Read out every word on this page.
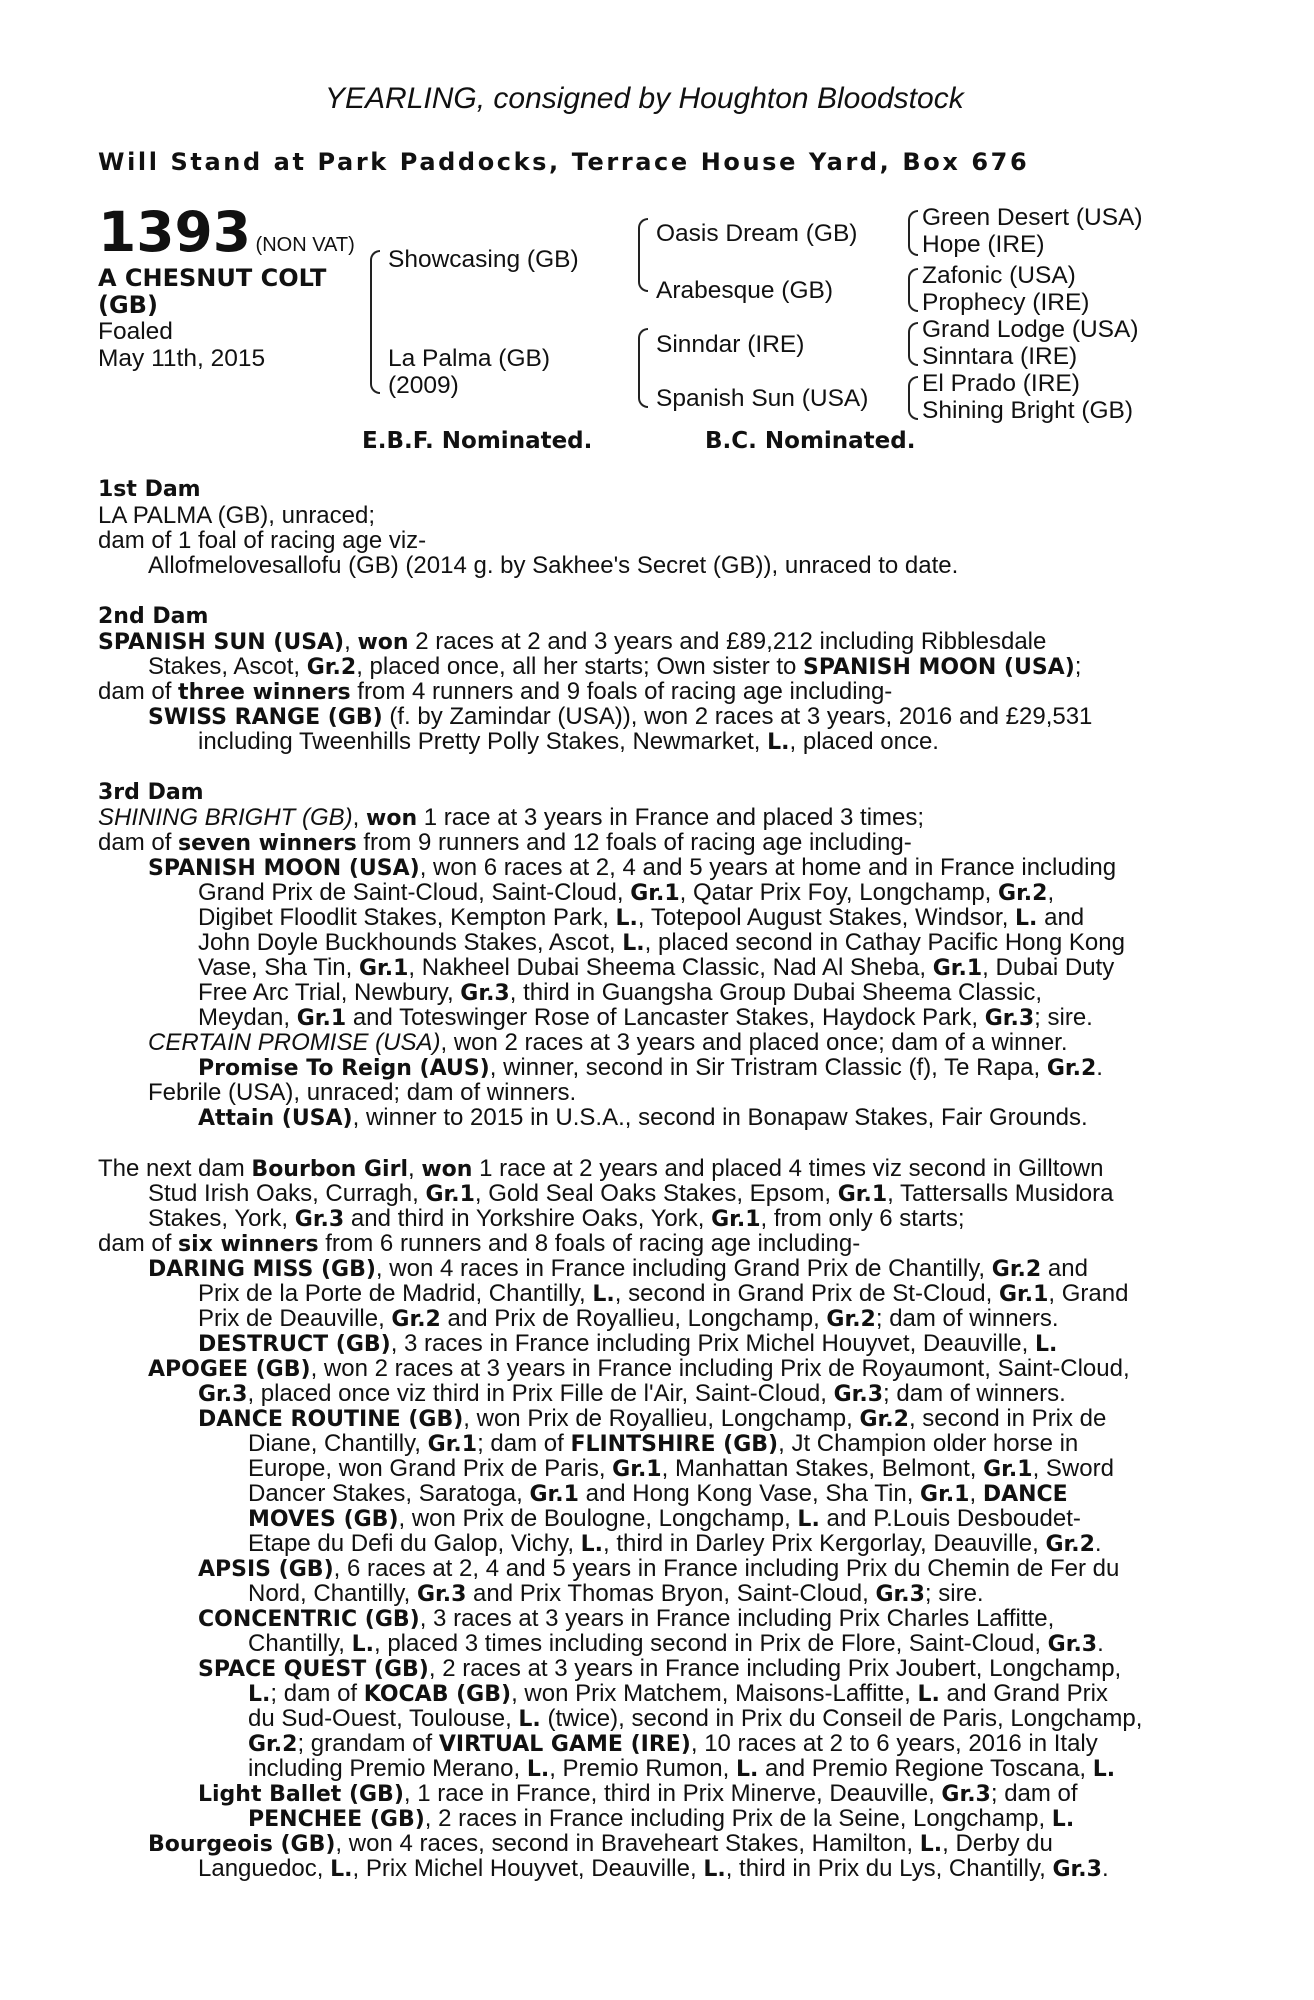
YEARLING, consigned by Houghton Bloodstock
Will Stand at Park Paddocks, Terrace House Yard, Box 676
1393 (NON VAT)
A CHESNUT COLT
(GB)
Foaled
May 11th, 2015
Showcasing (GB)
La Palma (GB)
(2009)
Oasis Dream (GB)
Arabesque (GB)
Sinndar (IRE)
Spanish Sun (USA)
Green Desert (USA)
Hope (IRE)
Zafonic (USA)
Prophecy (IRE)
Grand Lodge (USA)
Sinntara (IRE)
El Prado (IRE)
Shining Bright (GB)
E.B.F. Nominated.	B.C. Nominated.
1st Dam
LA PALMA (GB), unraced;
dam of 1 foal of racing age viz-
Allofmelovesallofu (GB) (2014 g. by Sakhee's Secret (GB)), unraced to date.
2nd Dam
SPANISH SUN (USA), won 2 races at 2 and 3 years and £89,212 including Ribblesdale
Stakes, Ascot, Gr.2, placed once, all her starts; Own sister to SPANISH MOON (USA);
dam of three winners from 4 runners and 9 foals of racing age including-
SWISS RANGE (GB) (f. by Zamindar (USA)), won 2 races at 3 years, 2016 and £29,531
including Tweenhills Pretty Polly Stakes, Newmarket, L., placed once.
3rd Dam
SHINING BRIGHT (GB), won 1 race at 3 years in France and placed 3 times;
dam of seven winners from 9 runners and 12 foals of racing age including-
SPANISH MOON (USA), won 6 races at 2, 4 and 5 years at home and in France including
Grand Prix de Saint-Cloud, Saint-Cloud, Gr.1, Qatar Prix Foy, Longchamp, Gr.2,
Digibet Floodlit Stakes, Kempton Park, L., Totepool August Stakes, Windsor, L. and
John Doyle Buckhounds Stakes, Ascot, L., placed second in Cathay Pacific Hong Kong
Vase, Sha Tin, Gr.1, Nakheel Dubai Sheema Classic, Nad Al Sheba, Gr.1, Dubai Duty
Free Arc Trial, Newbury, Gr.3, third in Guangsha Group Dubai Sheema Classic,
Meydan, Gr.1 and Toteswinger Rose of Lancaster Stakes, Haydock Park, Gr.3; sire.
CERTAIN PROMISE (USA), won 2 races at 3 years and placed once; dam of a winner.
Promise To Reign (AUS), winner, second in Sir Tristram Classic (f), Te Rapa, Gr.2.
Febrile (USA), unraced; dam of winners.
Attain (USA), winner to 2015 in U.S.A., second in Bonapaw Stakes, Fair Grounds.
The next dam Bourbon Girl, won 1 race at 2 years and placed 4 times viz second in Gilltown
Stud Irish Oaks, Curragh, Gr.1, Gold Seal Oaks Stakes, Epsom, Gr.1, Tattersalls Musidora
Stakes, York, Gr.3 and third in Yorkshire Oaks, York, Gr.1, from only 6 starts;
dam of six winners from 6 runners and 8 foals of racing age including-
DARING MISS (GB), won 4 races in France including Grand Prix de Chantilly, Gr.2 and
Prix de la Porte de Madrid, Chantilly, L., second in Grand Prix de St-Cloud, Gr.1, Grand
Prix de Deauville, Gr.2 and Prix de Royallieu, Longchamp, Gr.2; dam of winners.
DESTRUCT (GB), 3 races in France including Prix Michel Houyvet, Deauville, L.
APOGEE (GB), won 2 races at 3 years in France including Prix de Royaumont, Saint-Cloud,
Gr.3, placed once viz third in Prix Fille de l'Air, Saint-Cloud, Gr.3; dam of winners.
DANCE ROUTINE (GB), won Prix de Royallieu, Longchamp, Gr.2, second in Prix de
Diane, Chantilly, Gr.1; dam of FLINTSHIRE (GB), Jt Champion older horse in
Europe, won Grand Prix de Paris, Gr.1, Manhattan Stakes, Belmont, Gr.1, Sword
Dancer Stakes, Saratoga, Gr.1 and Hong Kong Vase, Sha Tin, Gr.1, DANCE
MOVES (GB), won Prix de Boulogne, Longchamp, L. and P.Louis Desboudet-
Etape du Defi du Galop, Vichy, L., third in Darley Prix Kergorlay, Deauville, Gr.2.
APSIS (GB), 6 races at 2, 4 and 5 years in France including Prix du Chemin de Fer du
Nord, Chantilly, Gr.3 and Prix Thomas Bryon, Saint-Cloud, Gr.3; sire.
CONCENTRIC (GB), 3 races at 3 years in France including Prix Charles Laffitte,
Chantilly, L., placed 3 times including second in Prix de Flore, Saint-Cloud, Gr.3.
SPACE QUEST (GB), 2 races at 3 years in France including Prix Joubert, Longchamp,
L.; dam of KOCAB (GB), won Prix Matchem, Maisons-Laffitte, L. and Grand Prix
du Sud-Ouest, Toulouse, L. (twice), second in Prix du Conseil de Paris, Longchamp,
Gr.2; grandam of VIRTUAL GAME (IRE), 10 races at 2 to 6 years, 2016 in Italy
including Premio Merano, L., Premio Rumon, L. and Premio Regione Toscana, L.
Light Ballet (GB), 1 race in France, third in Prix Minerve, Deauville, Gr.3; dam of
PENCHEE (GB), 2 races in France including Prix de la Seine, Longchamp, L.
Bourgeois (GB), won 4 races, second in Braveheart Stakes, Hamilton, L., Derby du
Languedoc, L., Prix Michel Houyvet, Deauville, L., third in Prix du Lys, Chantilly, Gr.3.
